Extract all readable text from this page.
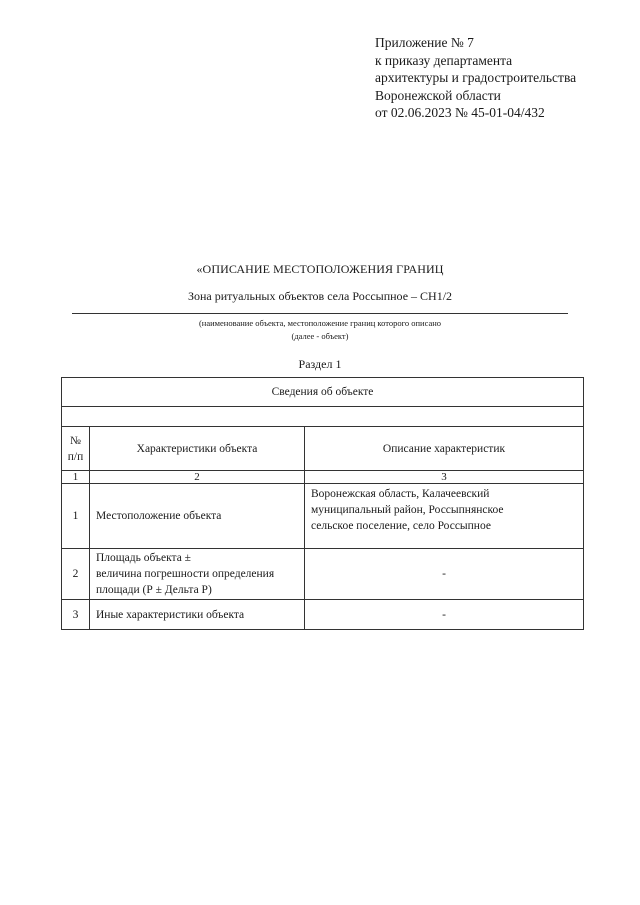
Приложение № 7
к приказу департамента
архитектуры и градостроительства
Воронежской области
от 02.06.2023 № 45-01-04/432
«ОПИСАНИЕ МЕСТОПОЛОЖЕНИЯ ГРАНИЦ
Зона ритуальных объектов села Россыпное – СН1/2
(наименование объекта, местоположение границ которого описано
(далее - объект)
Раздел 1
Сведения об объекте		

№
п/п	Характеристики объекта	Описание характеристик
1	2	3
1	Местоположение объекта	Воронежская область, Калачеевский
муниципальный район, Россыпнянское
сельское поселение, село Россыпное

2	Площадь объекта ±
величина погрешности определения
площади (Р ± Дельта Р)	-
3	Иные характеристики объекта	-
